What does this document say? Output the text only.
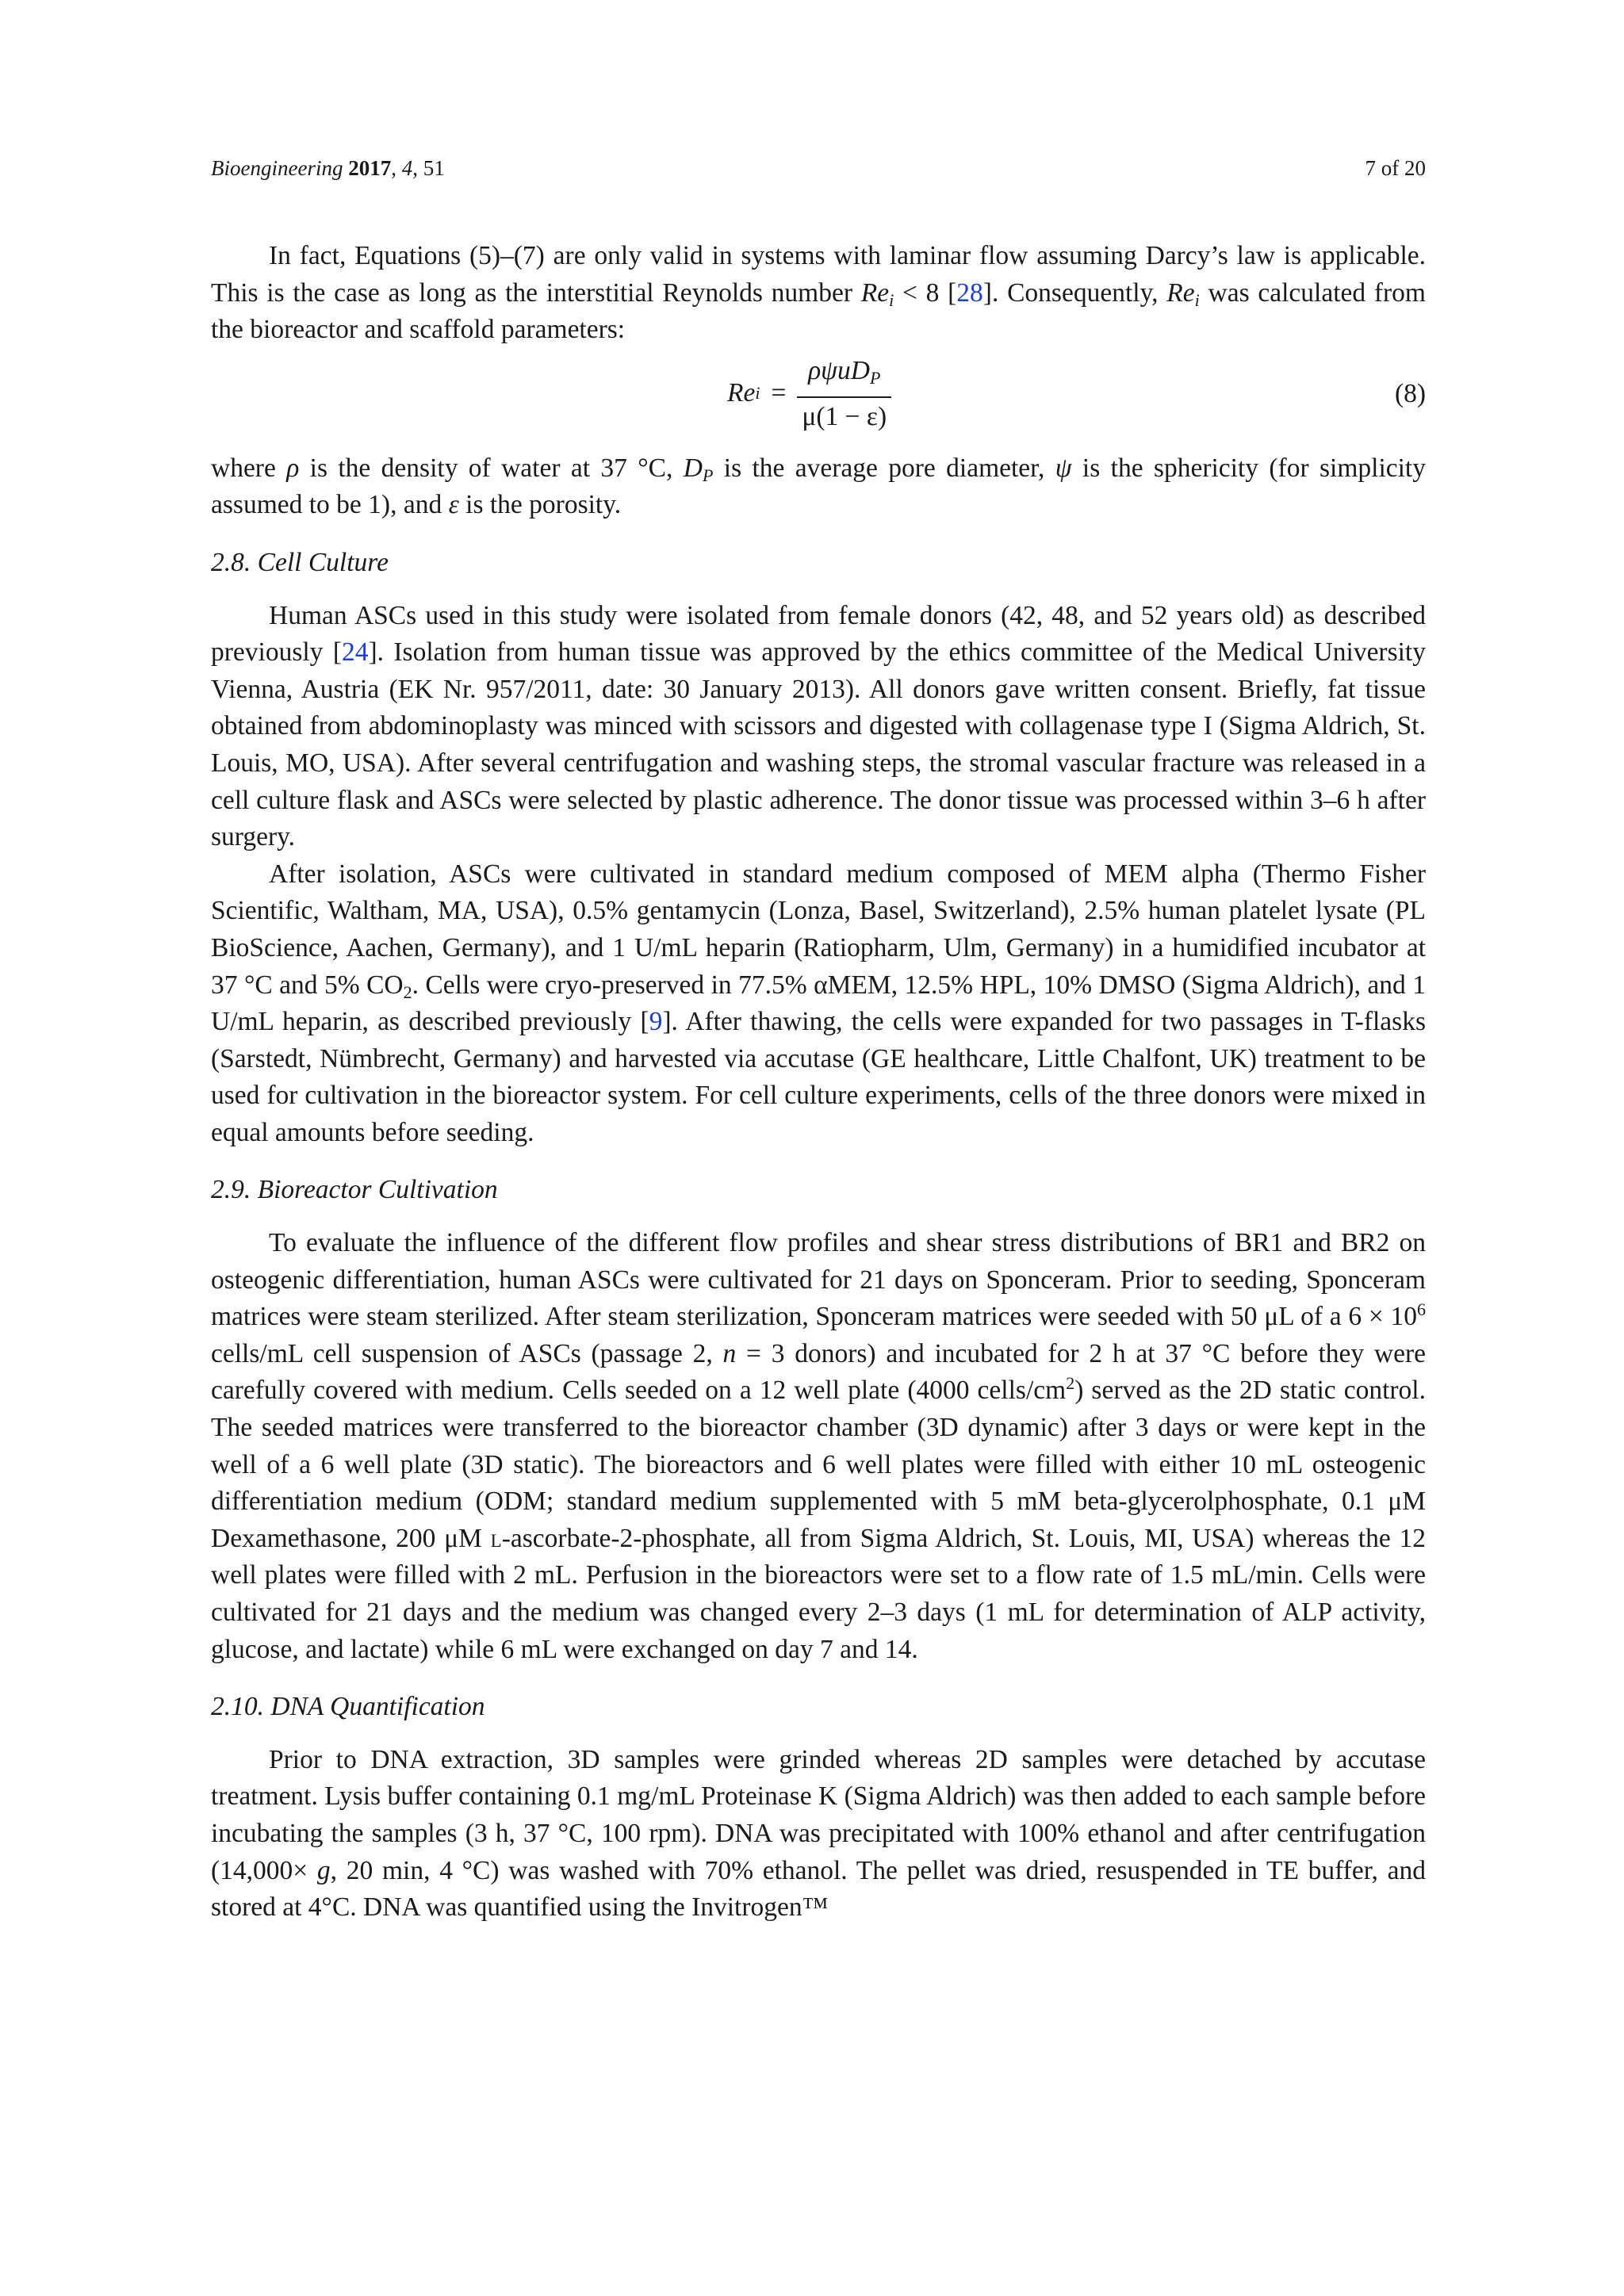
Bioengineering 2017, 4, 51	7 of 20

In fact, Equations (5)–(7) are only valid in systems with laminar flow assuming Darcy’s law is applicable. This is the case as long as the interstitial Reynolds number $Re_i < 8$ [28]. Consequently, $Re_i$ was calculated from the bioreactor and scaffold parameters:

Re $i = \frac{\text{ρψuDP}}{\mu(1 - \varepsilon)}$	(8)

where ρ is the density of water at 37 °C, $D_P$ is the average pore diameter, ψ is the sphericity (for simplicity assumed to be 1), and ε is the porosity.

2.8. Cell Culture

Human ASCs used in this study were isolated from female donors (42, 48, and 52 years old) as described previously [24]. Isolation from human tissue was approved by the ethics committee of the Medical University Vienna, Austria (EK Nr. 957/2011, date: 30 January 2013). All donors gave written consent. Briefly, fat tissue obtained from abdominoplasty was minced with scissors and digested with collagenase type I (Sigma Aldrich, St. Louis, MO, USA). After several centrifugation and washing steps, the stromal vascular fracture was released in a cell culture flask and ASCs were selected by plastic adherence. The donor tissue was processed within 3–6 h after surgery.

After isolation, ASCs were cultivated in standard medium composed of MEM alpha (Thermo Fisher Scientific, Waltham, MA, USA), 0.5% gentamycin (Lonza, Basel, Switzerland), 2.5% human platelet lysate (PL BioScience, Aachen, Germany), and 1 U/mL heparin (Ratiopharm, Ulm, Germany) in a humidified incubator at 37 °C and 5% $CO_2$. Cells were cryo-preserved in 77.5% αMEM, 12.5% HPL, 10% DMSO (Sigma Aldrich), and 1 U/mL heparin, as described previously [9]. After thawing, the cells were expanded for two passages in T-flasks (Sarstedt, Nümbrecht, Germany) and harvested via accutase (GE healthcare, Little Chalfont, UK) treatment to be used for cultivation in the bioreactor system. For cell culture experiments, cells of the three donors were mixed in equal amounts before seeding.

2.9. Bioreactor Cultivation

To evaluate the influence of the different flow profiles and shear stress distributions of BR1 and BR2 on osteogenic differentiation, human ASCs were cultivated for 21 days on Sponceram. Prior to seeding, Sponceram matrices were steam sterilized. After steam sterilization, Sponceram matrices were seeded with 50 μL of a $6 \times 10^6$ cells/mL cell suspension of ASCs (passage 2, n = 3 donors) and incubated for 2 h at 37 °C before they were carefully covered with medium. Cells seeded on a 12 well plate (4000 cells/$cm^2$) served as the 2D static control. The seeded matrices were transferred to the bioreactor chamber (3D dynamic) after 3 days or were kept in the well of a 6 well plate (3D static). The bioreactors and 6 well plates were filled with either 10 mL osteogenic differentiation medium (ODM; standard medium supplemented with 5 mM beta-glycerolphosphate, 0.1 μM Dexamethasone, 200 μM l-ascorbate-2-phosphate, all from Sigma Aldrich, St. Louis, MI, USA) whereas the 12 well plates were filled with 2 mL. Perfusion in the bioreactors were set to a flow rate of 1.5 mL/min. Cells were cultivated for 21 days and the medium was changed every 2–3 days (1 mL for determination of ALP activity, glucose, and lactate) while 6 mL were exchanged on day 7 and 14.

2.10. DNA Quantification

Prior to DNA extraction, 3D samples were grinded whereas 2D samples were detached by accutase treatment. Lysis buffer containing 0.1 mg/mL Proteinase K (Sigma Aldrich) was then added to each sample before incubating the samples (3 h, 37 °C, 100 rpm). DNA was precipitated with 100% ethanol and after centrifugation (14,000× g, 20 min, 4 °C) was washed with 70% ethanol. The pellet was dried, resuspended in TE buffer, and stored at 4°C. DNA was quantified using the Invitrogen™
